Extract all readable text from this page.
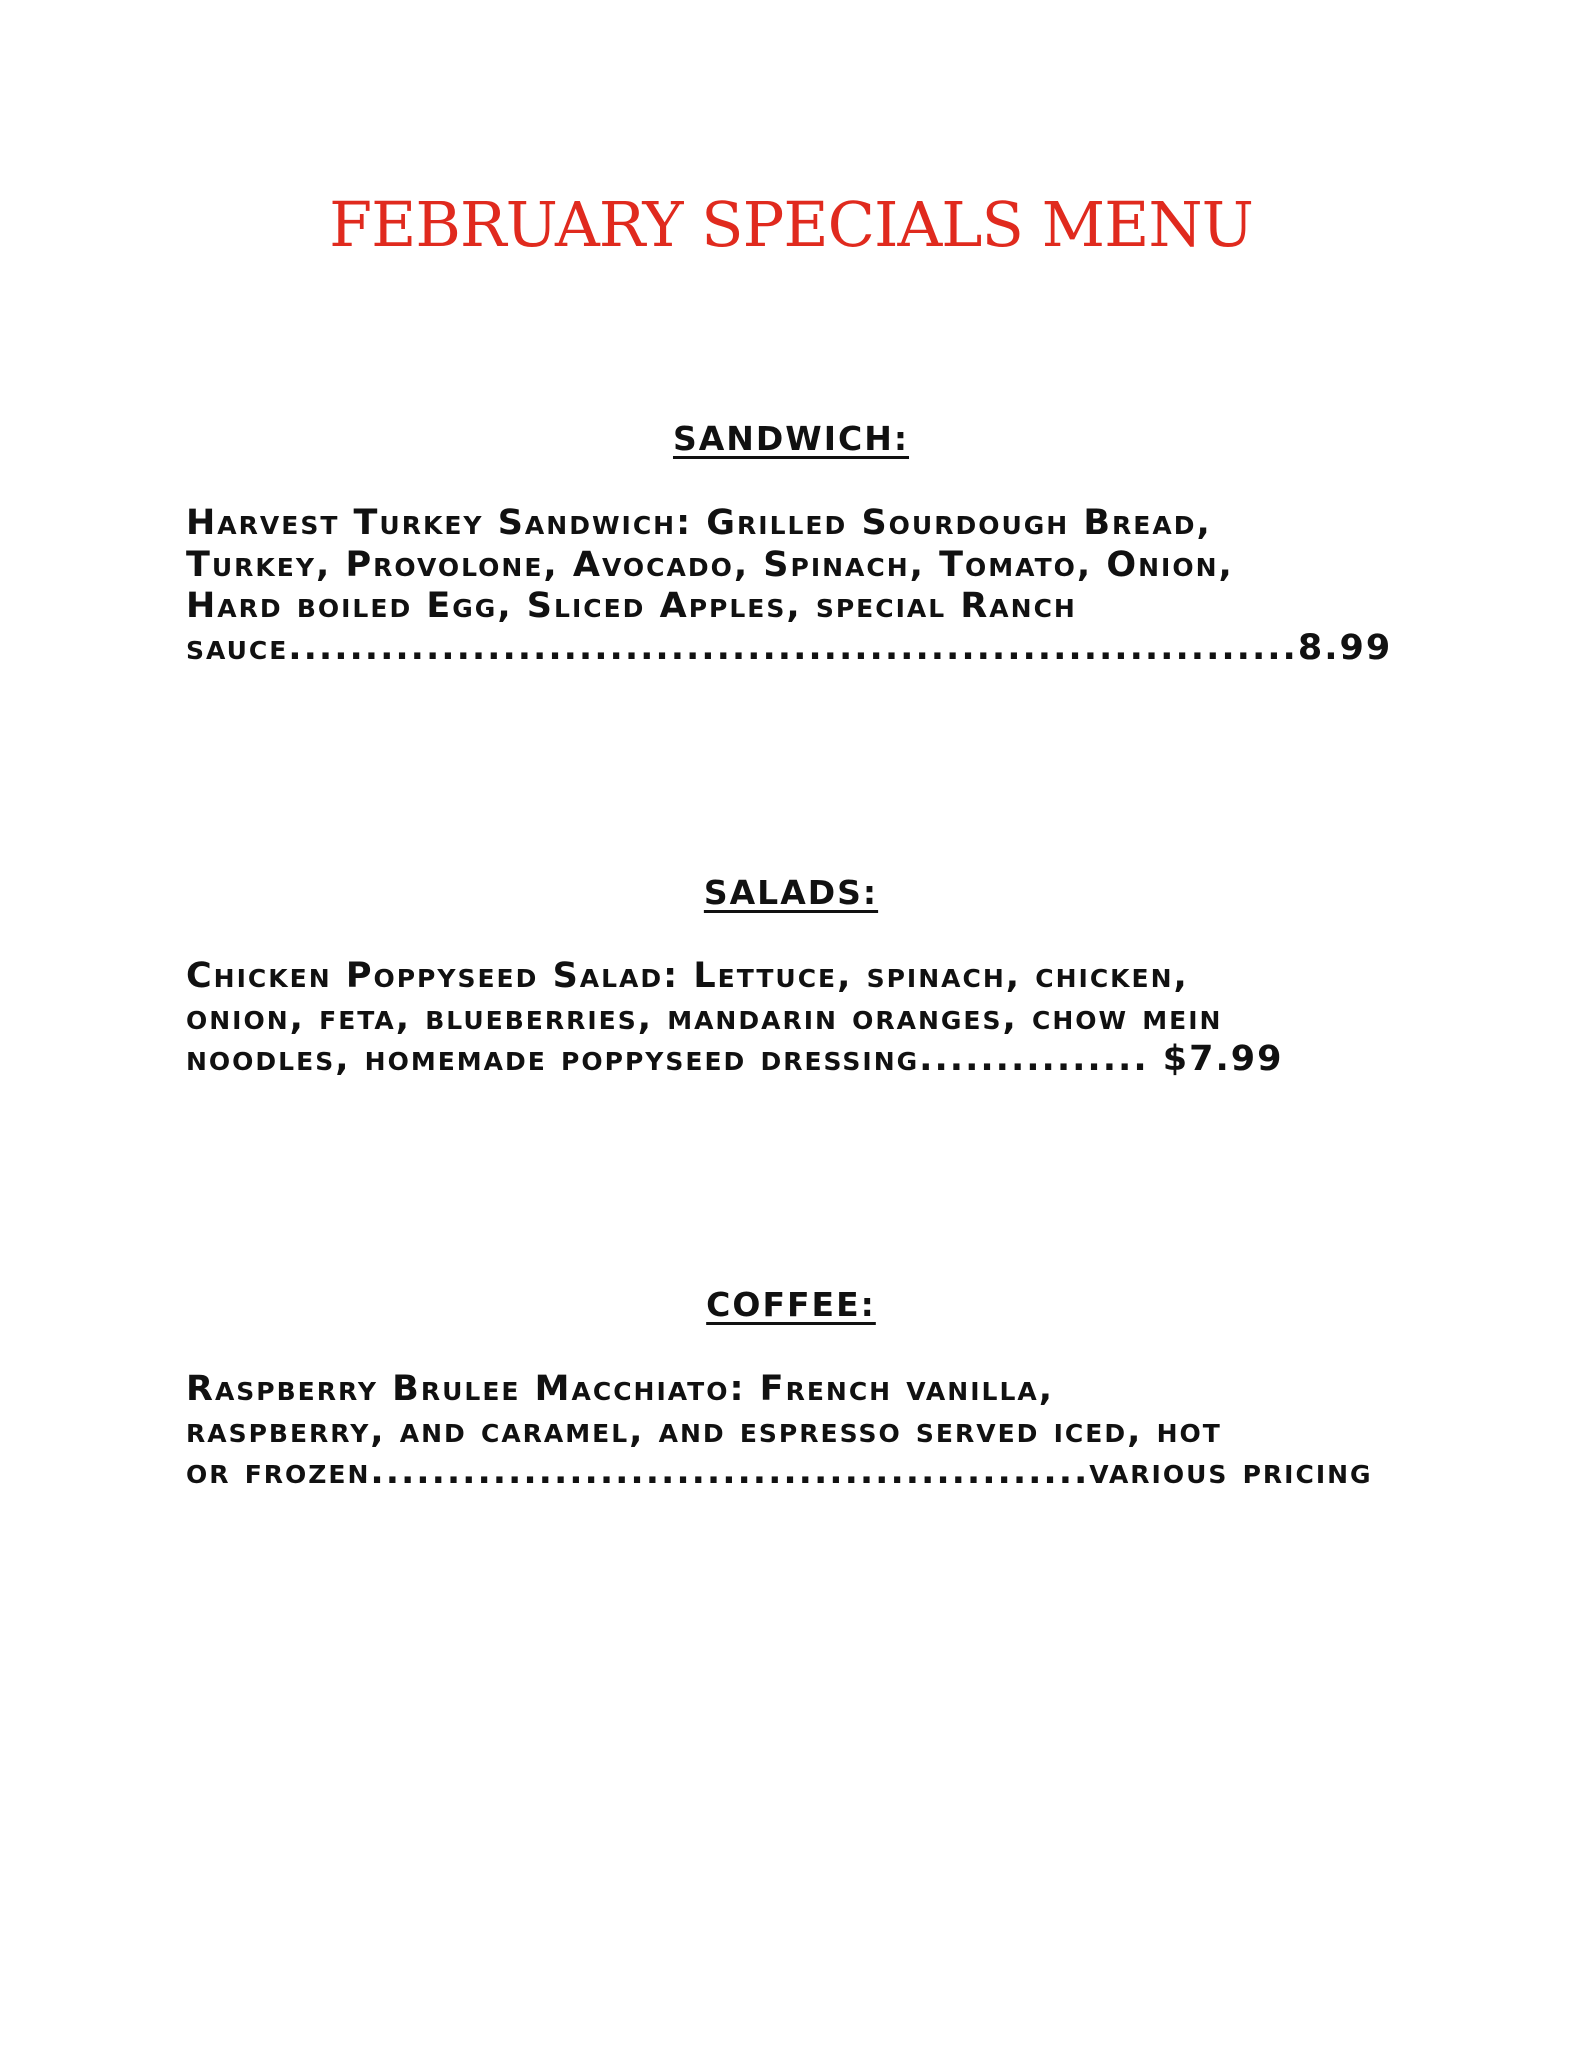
FEBRUARY SPECIALS MENU
SANDWICH:
Harvest Turkey Sandwich: Grilled Sourdough Bread,
Turkey, Provolone, Avocado, Spinach, Tomato, Onion,
Hard boiled Egg, Sliced Apples, special Ranch
sauce..................................................................8.99
SALADS:
Chicken Poppyseed Salad: Lettuce, spinach, chicken,
onion, feta, blueberries, mandarin oranges, chow mein
noodles, homemade poppyseed dressing............... $7.99
COFFEE:
Raspberry Brulee Macchiato: French vanilla,
raspberry, and caramel, and espresso served iced, hot
or frozen...............................................various pricing
